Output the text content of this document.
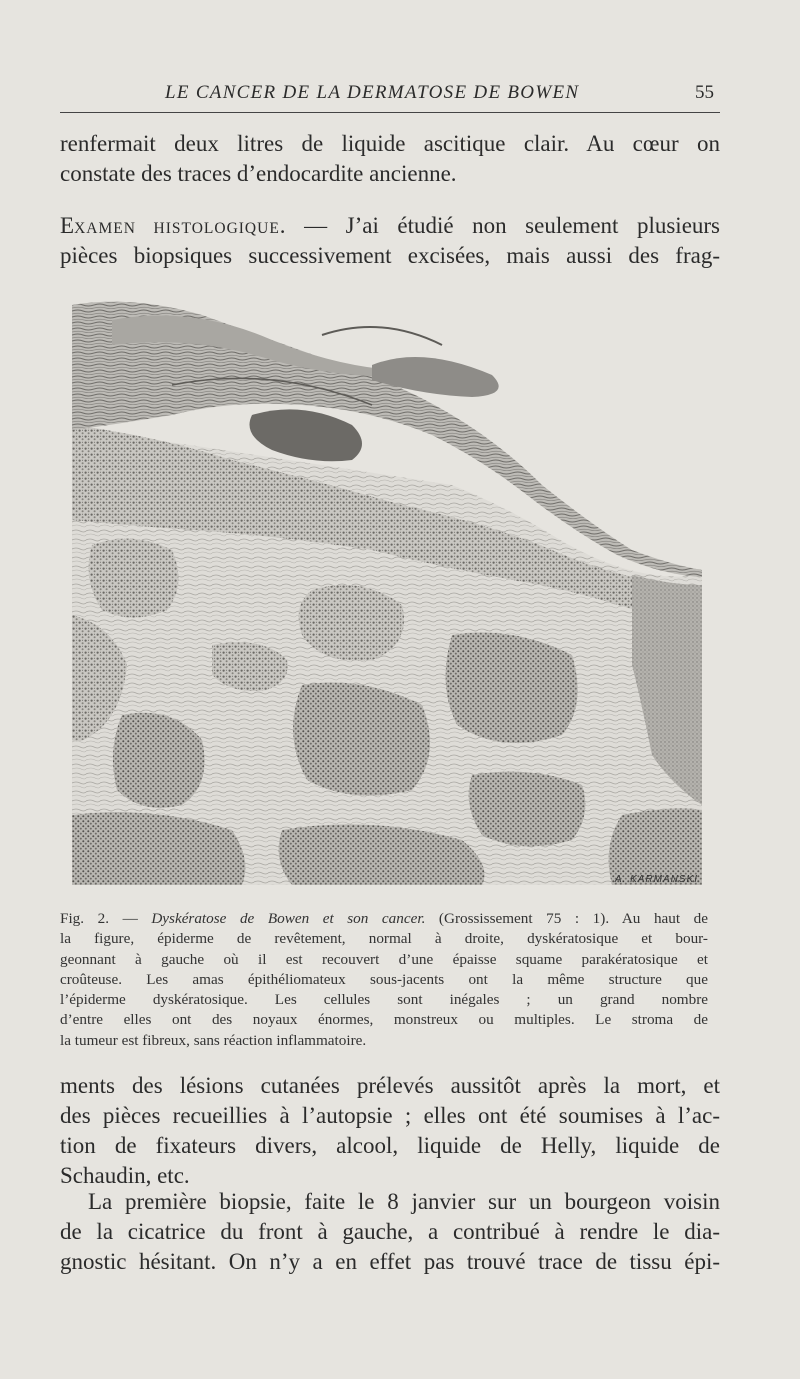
LE CANCER DE LA DERMATOSE DE BOWEN	55
renfermait deux litres de liquide ascitique clair. Au cœur on
constate des traces d’endocardite ancienne.
EXAMEN HISTOLOGIQUE. — J’ai étudié non seulement plusieurs
pièces biopsiques successivement excisées, mais aussi des frag-
A. KARMANSKI
Fig. 2. — Dyskératose de Bowen et son cancer. (Grossissement 75 : 1). Au haut de
la figure, épiderme de revêtement, normal à droite, dyskératosique et bour-
geonnant à gauche où il est recouvert d’une épaisse squame parakératosique et
croûteuse. Les amas épithéliomateux sous-jacents ont la même structure que
l’épiderme dyskératosique. Les cellules sont inégales ; un grand nombre
d’entre elles ont des noyaux énormes, monstreux ou multiples. Le stroma de
la tumeur est fibreux, sans réaction inflammatoire.
ments des lésions cutanées prélevés aussitôt après la mort, et
des pièces recueillies à l’autopsie ; elles ont été soumises à l’ac-
tion de fixateurs divers, alcool, liquide de Helly, liquide de
Schaudin, etc.
La première biopsie, faite le 8 janvier sur un bourgeon voisin
de la cicatrice du front à gauche, a contribué à rendre le dia-
gnostic hésitant. On n’y a en effet pas trouvé trace de tissu épi-
